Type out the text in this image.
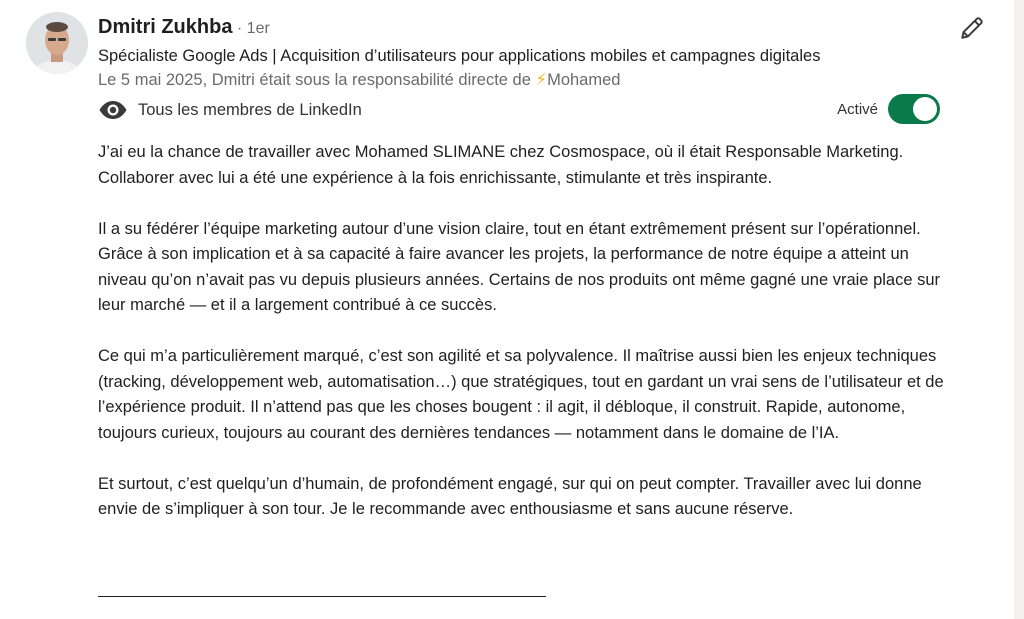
Dmitri Zukhba · 1er
Spécialiste Google Ads | Acquisition d’utilisateurs pour applications mobiles et campagnes digitales
Le 5 mai 2025, Dmitri était sous la responsabilité directe de ⚡Mohamed
Tous les membres de LinkedIn	Activé

J’ai eu la chance de travailler avec Mohamed SLIMANE chez Cosmospace, où il était Responsable Marketing. Collaborer avec lui a été une expérience à la fois enrichissante, stimulante et très inspirante.

Il a su fédérer l’équipe marketing autour d’une vision claire, tout en étant extrêmement présent sur l’opérationnel. Grâce à son implication et à sa capacité à faire avancer les projets, la performance de notre équipe a atteint un niveau qu’on n’avait pas vu depuis plusieurs années. Certains de nos produits ont même gagné une vraie place sur leur marché — et il a largement contribué à ce succès.

Ce qui m’a particulièrement marqué, c’est son agilité et sa polyvalence. Il maîtrise aussi bien les enjeux techniques (tracking, développement web, automatisation…) que stratégiques, tout en gardant un vrai sens de l’utilisateur et de l’expérience produit. Il n’attend pas que les choses bougent : il agit, il débloque, il construit. Rapide, autonome, toujours curieux, toujours au courant des dernières tendances — notamment dans le domaine de l’IA.

Et surtout, c’est quelqu’un d’humain, de profondément engagé, sur qui on peut compter. Travailler avec lui donne envie de s’impliquer à son tour. Je le recommande avec enthousiasme et sans aucune réserve.
